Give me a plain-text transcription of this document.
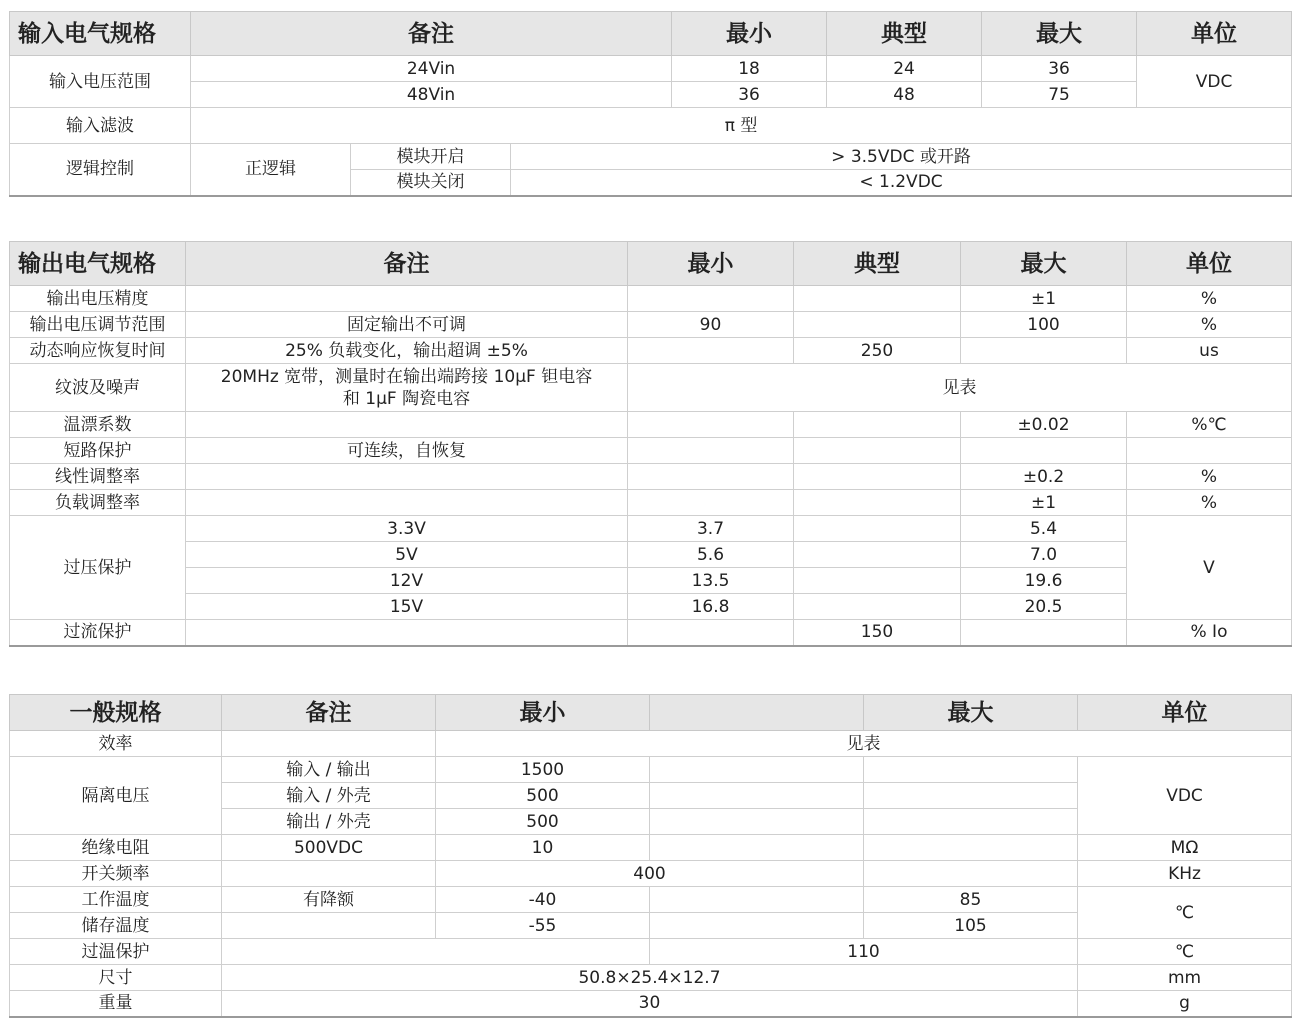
输入电气规格	备注			最小	典型	最大	单位
输入电压范围	24Vin			18	24	36	VDC
	48Vin			36	48	75	
输入滤波	π 型						
逻辑控制	正逻辑	模块开启	> 3.5VDC 或开路				
		模块关闭	< 1.2VDC				
输出电气规格	备注	最小	典型	最大	单位
输出电压精度				±1	%
输出电压调节范围	固定输出不可调	90		100	%
动态响应恢复时间	25% 负载变化，输出超调 ±5%		250		us
纹波及噪声	20MHz 宽带，测量时在输出端跨接 10μF 钽电容
和 1μF 陶瓷电容	见表			
温漂系数				±0.02	%℃
短路保护	可连续，自恢复				
线性调整率				±0.2	%
负载调整率				±1	%
过压保护	3.3V	3.7		5.4	V
	5V	5.6		7.0	
	12V	13.5		19.6	
	15V	16.8		20.5	
过流保护			150		% Io
一般规格	备注	最小		最大	单位
效率		见表			
隔离电压	输入 / 输出	1500			VDC
	输入 / 外壳	500			
	输出 / 外壳	500			
绝缘电阻	500VDC	10			MΩ
开关频率		400			KHz
工作温度	有降额	-40		85	℃
储存温度		-55		105	
过温保护			110		℃
尺寸	50.8×25.4×12.7				mm
重量	30				g
